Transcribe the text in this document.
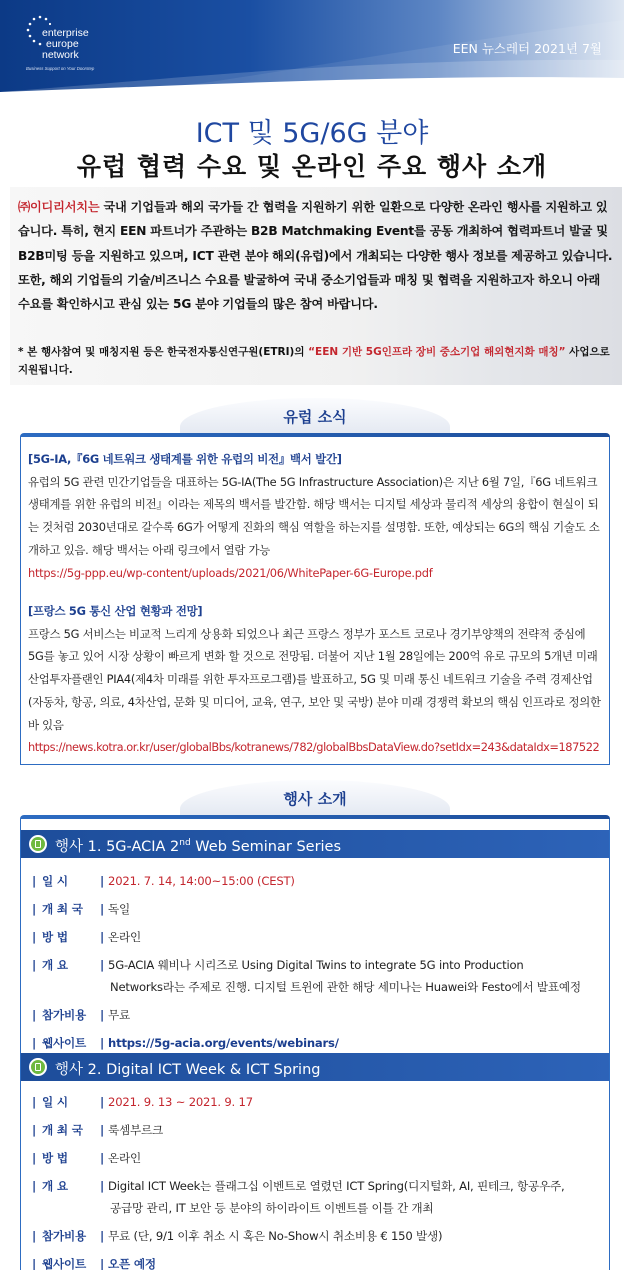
enterprise
europe
network
Business Support on Your Doorstep
EEN 뉴스레터 2021년 7월
ICT 및 5G/6G 분야
유럽 협력 수요 및 온라인 주요 행사 소개

㈜이디리서치는 국내 기업들과 해외 국가들 간 협력을 지원하기 위한 일환으로 다양한 온라인 행사를 지원하고 있습니다. 특히, 현지 EEN 파트너가 주관하는 B2B Matchmaking Event를 공동 개최하여 협력파트너 발굴 및 B2B미팅 등을 지원하고 있으며, ICT 관련 분야 해외(유럽)에서 개최되는 다양한 행사 정보를 제공하고 있습니다.

또한, 해외 기업들의 기술/비즈니스 수요를 발굴하여 국내 중소기업들과 매칭 및 협력을 지원하고자 하오니 아래 수요를 확인하시고 관심 있는 5G 분야 기업들의 많은 참여 바랍니다.

* 본 행사참여 및 매칭지원 등은 한국전자통신연구원(ETRI)의 “EEN 기반 5G인프라 장비 중소기업 해외현지화 매칭” 사업으로 지원됩니다.
유럽 소식
[5G-IA,『6G 네트워크 생태계를 위한 유럽의 비전』백서 발간]
유럽의 5G 관련 민간기업들을 대표하는 5G-IA(The 5G Infrastructure Association)은 지난 6월 7일,『6G 네트워크 생태계를 위한 유럽의 비전』이라는 제목의 백서를 발간함. 해당 백서는 디지털 세상과 물리적 세상의 융합이 현실이 되는 것처럼 2030년대로 갈수록 6G가 어떻게 진화의 핵심 역할을 하는지를 설명함. 또한, 예상되는 6G의 핵심 기술도 소개하고 있음. 해당 백서는 아래 링크에서 열람 가능
https://5g-ppp.eu/wp-content/uploads/2021/06/WhitePaper-6G-Europe.pdf
[프랑스 5G 통신 산업 현황과 전망]
프랑스 5G 서비스는 비교적 느리게 상용화 되었으나 최근 프랑스 정부가 포스트 코로나 경기부양책의 전략적 중심에 5G를 놓고 있어 시장 상황이 빠르게 변화 할 것으로 전망됨. 더불어 지난 1월 28일에는 200억 유로 규모의 5개년 미래산업투자플랜인 PIA4(제4차 미래를 위한 투자프로그램)를 발표하고, 5G 및 미래 통신 네트워크 기술을 주력 경제산업(자동차, 항공, 의료, 4차산업, 문화 및 미디어, 교육, 연구, 보안 및 국방) 분야 미래 경쟁력 확보의 핵심 인프라로 정의한 바 있음
https://news.kotra.or.kr/user/globalBbs/kotranews/782/globalBbsDataView.do?setIdx=243&dataIdx=187522
행사 소개
행사 1. 5G-ACIA 2nd Web Seminar Series
| 일 시	| 2021. 7. 14, 14:00~15:00 (CEST)
| 개 최 국	| 독일
| 방 법	| 온라인
| 개 요	| 5G-ACIA 웨비나 시리즈로 Using Digital Twins to integrate 5G into Production
Networks라는 주제로 진행. 디지털 트윈에 관한 해당 세미나는 Huawei와 Festo에서 발표예정
| 참가비용	| 무료
| 웹사이트	| https://5g-acia.org/events/webinars/
행사 2. Digital ICT Week & ICT Spring
| 일 시	| 2021. 9. 13 ~ 2021. 9. 17
| 개 최 국	| 룩셈부르크
| 방 법	| 온라인
| 개 요	| Digital ICT Week는 플래그십 이벤트로 열렸던 ICT Spring(디지털화, AI, 핀테크, 항공우주,
공급망 관리, IT 보안 등 분야의 하이라이트 이벤트를 이틀 간 개최
| 참가비용	| 무료 (단, 9/1 이후 취소 시 혹은 No-Show시 취소비용 € 150 발생)
| 웹사이트	| 오픈 예정
